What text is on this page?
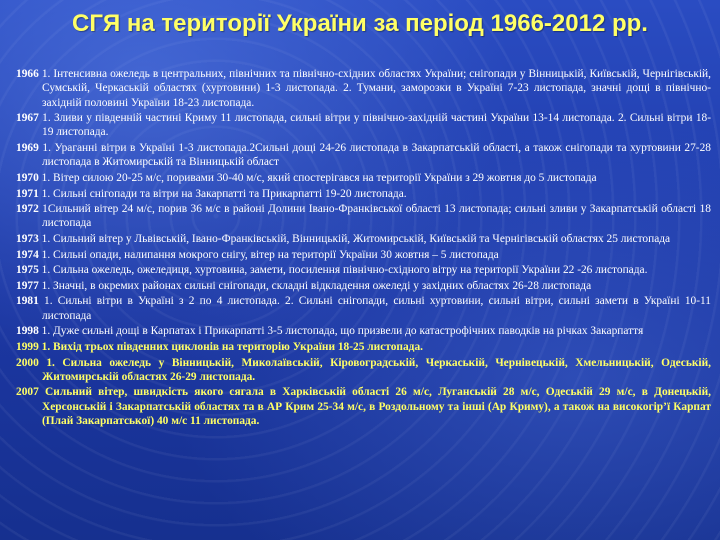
СГЯ на території України за період 1966-2012 рр.

1966 1. Інтенсивна ожеледь в центральних, північних та північно-східних областях України; снігопади у Вінницькій, Київській, Чернігівській, Сумській, Черкаській областях (хуртовини) 1-3 листопада. 2. Тумани, заморозки в Україні 7-23 листопада, значні дощі в північно-західній половині України 18-23 листопада.

1967 1. Зливи у південній частині Криму 11 листопада, сильні вітри у північно-західній частині України 13-14 листопада. 2. Сильні вітри 18-19 листопада.

1969 1. Ураганні вітри в Україні 1-3 листопада.2Сильні дощі 24-26 листопада в Закарпатській області, а також снігопади та хуртовини 27-28 листопада в Житомирській та Вінницькій област

1970 1. Вітер силою 20-25 м/с, поривами 30-40 м/с, який спостерігався на території України з 29 жовтня до 5 листопада

1971 1. Сильні снігопади та вітри на Закарпатті та Прикарпатті 19-20 листопада.

1972 1Сильний вітер 24 м/с, порив 36 м/с в районі Долини Івано-Франківської області 13 листопада; сильні зливи у Закарпатській області 18 листопада

1973 1. Сильний вітер у Львівській, Івано-Франківській, Вінницькій, Житомирській, Київській та Чернігівській областях 25 листопада

1974 1. Сильні опади, налипання мокрого снігу, вітер на території України 30 жовтня – 5 листопада

1975 1. Сильна ожеледь, ожеледиця, хуртовина, замети, посилення північно-східного вітру на території України 22 -26 листопада.

1977 1. Значні, в окремих районах сильні снігопади, складні відкладення ожеледі у західних областях 26-28 листопада

1981 1. Сильні вітри в Україні з 2 по 4 листопада. 2. Сильні снігопади, сильні хуртовини, сильні вітри, сильні замети в Україні 10-11 листопада

1998 1. Дуже сильні дощі в Карпатах і Прикарпатті 3-5 листопада, що призвели до катастрофічних паводків на річках Закарпаття

1999 1. Вихід трьох південних циклонів на територію України 18-25 листопада.

2000 1. Сильна ожеледь у Вінницькій, Миколаївській, Кіровоградській, Черкаській, Чернівецькій, Хмельницькій, Одеській, Житомирській областях 26-29 листопада.

2007 Сильний вітер, швидкість якого сягала в Харківській області 26 м/с, Луганській 28 м/с, Одеській 29 м/с, в Донецькій, Херсонській і Закарпатській областях та в АР Крим 25-34 м/с, в Роздольному та інші (Ар Криму), а також на високогір’ї Карпат (Плай Закарпатської) 40 м/с 11 листопада.
